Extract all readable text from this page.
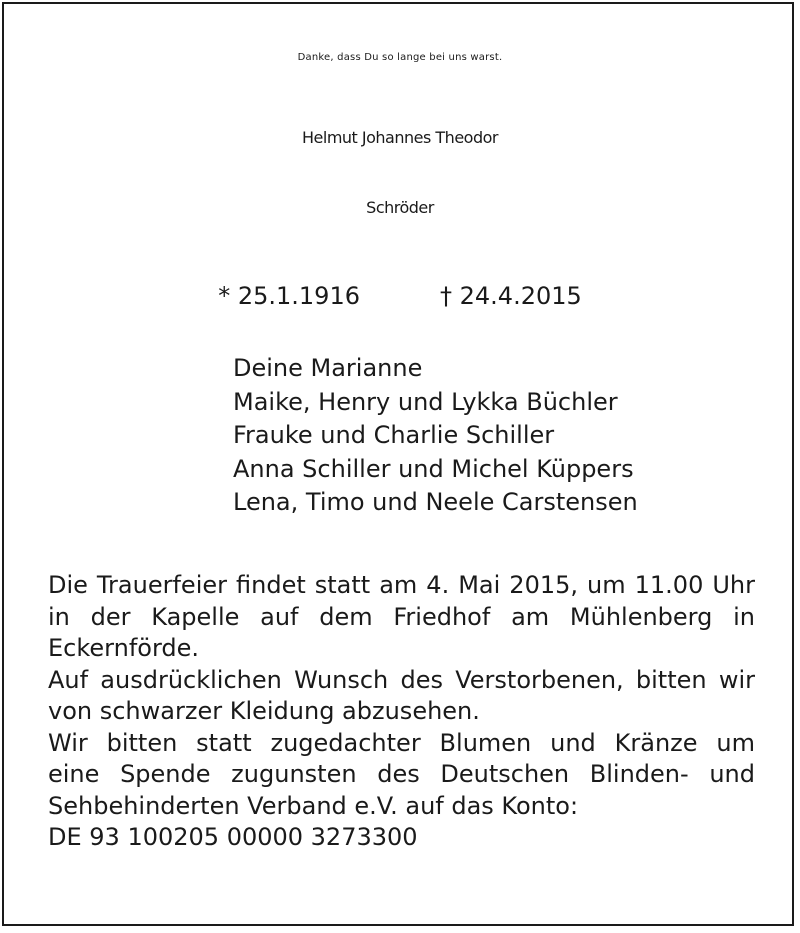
Danke, dass Du so lange bei uns warst.
Helmut Johannes Theodor
Schröder
* 25.1.1916	† 24.4.2015
Deine Marianne
Maike, Henry und Lykka Büchler
Frauke und Charlie Schiller
Anna Schiller und Michel Küppers
Lena, Timo und Neele Carstensen
Die Trauerfeier findet statt am 4. Mai 2015, um 11.00 Uhr
in der Kapelle auf dem Friedhof am Mühlenberg in
Eckernförde.
Auf ausdrücklichen Wunsch des Verstorbenen, bitten wir
von schwarzer Kleidung abzusehen.
Wir bitten statt zugedachter Blumen und Kränze um
eine Spende zugunsten des Deutschen Blinden- und
Sehbehinderten Verband e.V. auf das Konto:
DE 93 100205 00000 3273300
